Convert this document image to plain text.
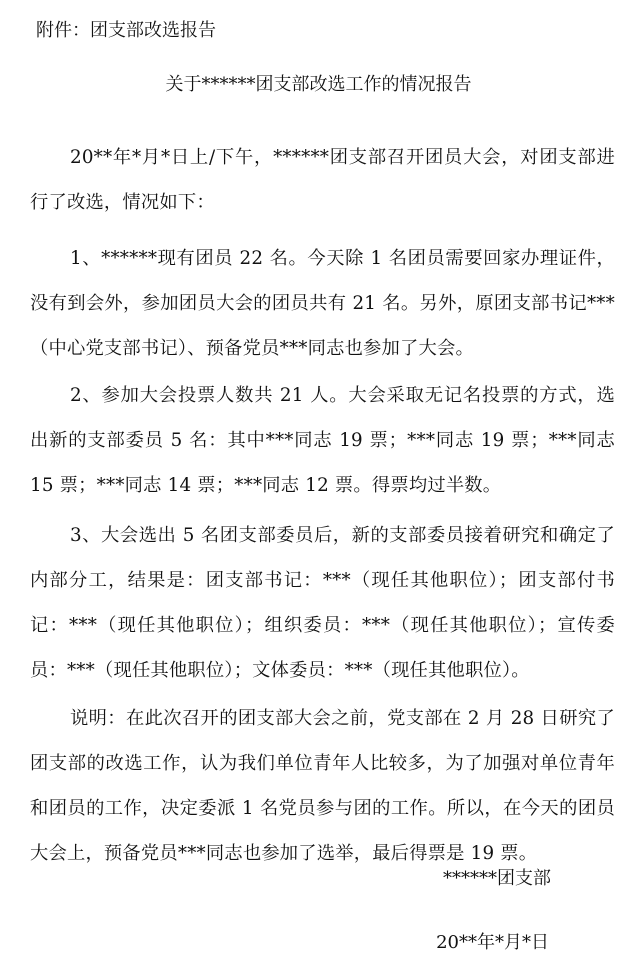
附件：团支部改选报告
关于******团支部改选工作的情况报告

20**年*月*日上/下午，******团支部召开团员大会，对团支部进行了改选，情况如下：

1、******现有团员 22 名。今天除 1 名团员需要回家办理证件，没有到会外，参加团员大会的团员共有 21 名。另外，原团支部书记***（中心党支部书记）、预备党员***同志也参加了大会。

2、参加大会投票人数共 21 人。大会采取无记名投票的方式，选出新的支部委员 5 名：其中***同志 19 票；***同志 19 票；***同志 15 票；***同志 14 票；***同志 12 票。得票均过半数。

3、大会选出 5 名团支部委员后，新的支部委员接着研究和确定了内部分工，结果是：团支部书记：***（现任其他职位）；团支部付书记：***（现任其他职位）；组织委员：***（现任其他职位）；宣传委员：***（现任其他职位）；文体委员：***（现任其他职位）。

说明：在此次召开的团支部大会之前，党支部在 2 月 28 日研究了团支部的改选工作，认为我们单位青年人比较多，为了加强对单位青年和团员的工作，决定委派 1 名党员参与团的工作。所以，在今天的团员大会上，预备党员***同志也参加了选举，最后得票是 19 票。

******团支部
20**年*月*日
